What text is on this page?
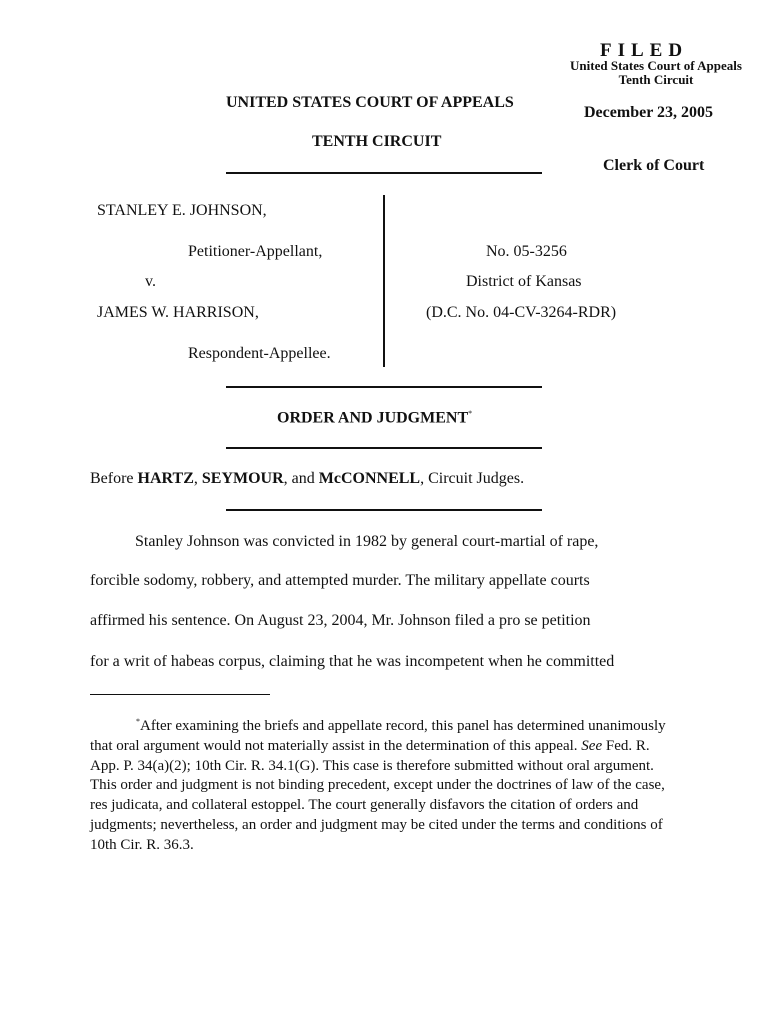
FILED
United States Court of Appeals
Tenth Circuit
December 23, 2005
Clerk of Court
UNITED STATES COURT OF APPEALS
TENTH CIRCUIT
STANLEY E. JOHNSON,
Petitioner-Appellant,
v.
JAMES W. HARRISON,
Respondent-Appellee.
No. 05-3256
District of Kansas
(D.C. No. 04-CV-3264-RDR)
ORDER AND JUDGMENT*
Before HARTZ, SEYMOUR, and McCONNELL, Circuit Judges.
Stanley Johnson was convicted in 1982 by general court-martial of rape,
forcible sodomy, robbery, and attempted murder. The military appellate courts
affirmed his sentence. On August 23, 2004, Mr. Johnson filed a pro se petition
for a writ of habeas corpus, claiming that he was incompetent when he committed
*After examining the briefs and appellate record, this panel has determined unanimously that oral argument would not materially assist in the determination of this appeal. See Fed. R. App. P. 34(a)(2); 10th Cir. R. 34.1(G). This case is therefore submitted without oral argument. This order and judgment is not binding precedent, except under the doctrines of law of the case, res judicata, and collateral estoppel. The court generally disfavors the citation of orders and judgments; nevertheless, an order and judgment may be cited under the terms and conditions of 10th Cir. R. 36.3.
